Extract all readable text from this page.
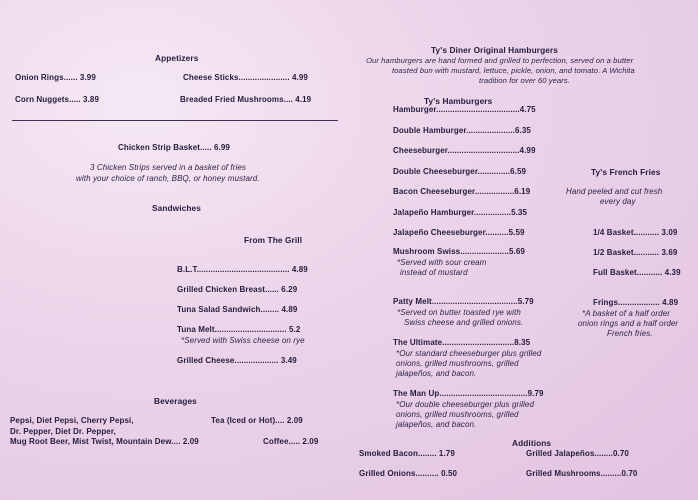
Appetizers
Onion Rings...... 3.99	Cheese Sticks...................... 4.99
Corn Nuggets..... 3.89	Breaded Fried Mushrooms.... 4.19
Chicken Strip Basket..... 6.99
3 Chicken Strips served in a basket of fries
with your choice of ranch, BBQ, or honey mustard.
Sandwiches
From The Grill
B.L.T........................................ 4.89
Grilled Chicken Breast...... 6.29
Tuna Salad Sandwich........ 4.89
Tuna Melt............................... 5.2
*Served with Swiss cheese on rye
Grilled Cheese................... 3.49
Beverages
Pepsi, Diet Pepsi, Cherry Pepsi,
Dr. Pepper, Diet Dr. Pepper,
Mug Root Beer, Mist Twist, Mountain Dew.... 2.09
Tea (Iced or Hot).... 2.09
Coffee..... 2.09
Ty's Diner Original Hamburgers
Our hamburgers are hand formed and grilled to perfection, served on a butter
toasted bun with mustard, lettuce, pickle, onion, and tomato. A Wichita
tradition for over 60 years.
Ty's Hamburgers
Hamburger....................................4.75
Double Hamburger.....................6.35
Cheeseburger...............................4.99
Double Cheeseburger..............6.59
Bacon Cheeseburger.................6.19
Jalapeño Hamburger................5.35
Jalapeño Cheeseburger..........5.59
Mushroom Swiss.....................5.69
*Served with sour cream
instead of mustard
Patty Melt.....................................5.79
*Served on butter toasted rye with
Swiss cheese and grilled onions.
The Ultimate...............................8.35
*Our standard cheeseburger plus grilled
onions, grilled mushrooms, grilled
jalapeños, and bacon.
The Man Up......................................9.79
*Our double cheeseburger plus grilled
onions, grilled mushrooms, grilled
jalapeños, and bacon.
Ty's French Fries
Hand peeled and cut fresh
every day
1/4 Basket........... 3.09
1/2 Basket........... 3.69
Full Basket........... 4.39
Frings.................. 4.89
*A basket of a half order
onion rings and a half order
French fries.
Additions
Smoked Bacon........ 1.79	Grilled Jalapeños........0.70
Grilled Onions.......... 0.50	Grilled Mushrooms.........0.70
